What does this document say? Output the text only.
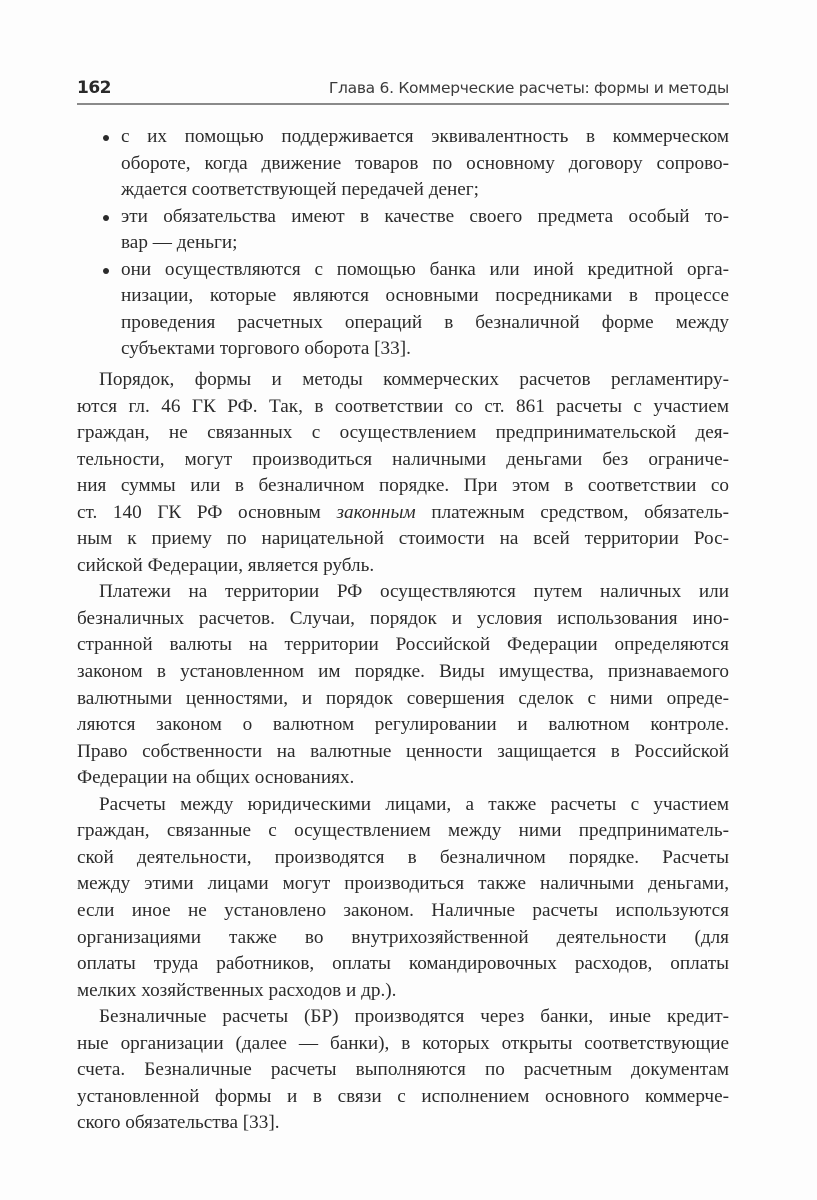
162	Глава 6. Коммерческие расчеты: формы и методы
с их помощью поддерживается эквивалентность в коммерческом
обороте, когда движение товаров по основному договору сопрово-
ждается соответствующей передачей денег;
эти обязательства имеют в качестве своего предмета особый то-
вар — деньги;
они осуществляются с помощью банка или иной кредитной орга-
низации, которые являются основными посредниками в процессе
проведения расчетных операций в безналичной форме между
субъектами торгового оборота [33].
Порядок, формы и методы коммерческих расчетов регламентиру-
ются гл. 46 ГК РФ. Так, в соответствии со ст. 861 расчеты с участием
граждан, не связанных с осуществлением предпринимательской дея-
тельности, могут производиться наличными деньгами без ограниче-
ния суммы или в безналичном порядке. При этом в соответствии со
ст. 140 ГК РФ основным законным платежным средством, обязатель-
ным к приему по нарицательной стоимости на всей территории Рос-
сийской Федерации, является рубль.
Платежи на территории РФ осуществляются путем наличных или
безналичных расчетов. Случаи, порядок и условия использования ино-
странной валюты на территории Российской Федерации определяются
законом в установленном им порядке. Виды имущества, признаваемого
валютными ценностями, и порядок совершения сделок с ними опреде-
ляются законом о валютном регулировании и валютном контроле.
Право собственности на валютные ценности защищается в Российской
Федерации на общих основаниях.
Расчеты между юридическими лицами, а также расчеты с участием
граждан, связанные с осуществлением между ними предприниматель-
ской деятельности, производятся в безналичном порядке. Расчеты
между этими лицами могут производиться также наличными деньгами,
если иное не установлено законом. Наличные расчеты используются
организациями также во внутрихозяйственной деятельности (для
оплаты труда работников, оплаты командировочных расходов, оплаты
мелких хозяйственных расходов и др.).
Безналичные расчеты (БР) производятся через банки, иные кредит-
ные организации (далее — банки), в которых открыты соответствующие
счета. Безналичные расчеты выполняются по расчетным документам
установленной формы и в связи с исполнением основного коммерче-
ского обязательства [33].
